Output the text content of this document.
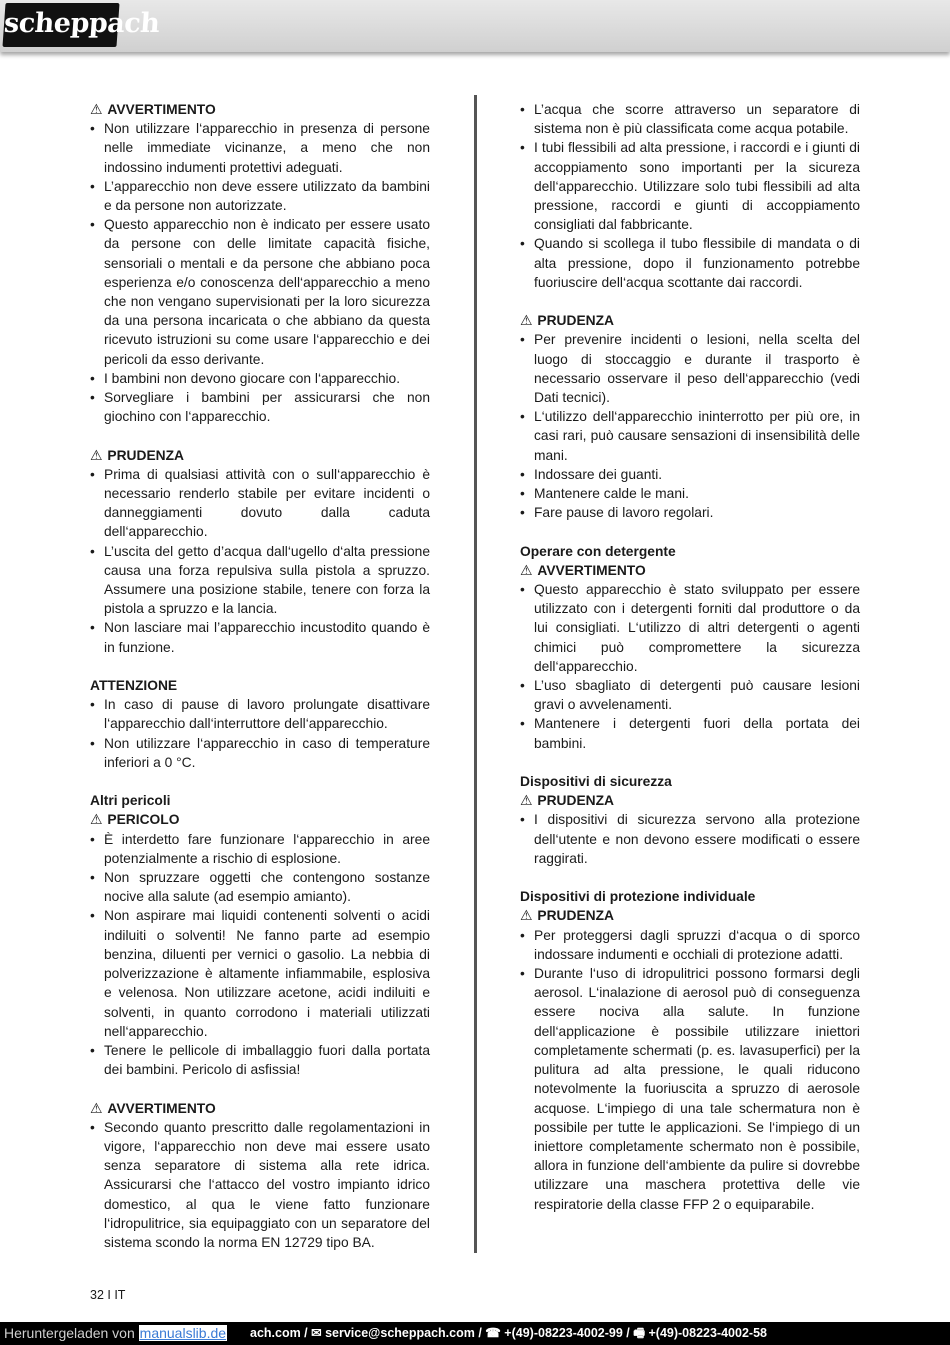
scheppach
⚠ AVVERTIMENTO
• Non utilizzare l‘apparecchio in presenza di persone nelle immediate vicinanze, a meno che non indossino indumenti protettivi adeguati.
• L’apparecchio non deve essere utilizzato da bambini e da persone non autorizzate.
• Questo apparecchio non è indicato per essere usato da persone con delle limitate capacità fisiche, sensoriali o mentali e da persone che abbiano poca esperienza e/o conoscenza dell‘apparecchio a meno che non vengano supervisionati per la loro sicurezza da una persona incaricata o che abbiano da questa ricevuto istruzioni su come usare l‘apparecchio e dei pericoli da esso derivante.
• I bambini non devono giocare con l‘apparecchio.
• Sorvegliare i bambini per assicurarsi che non giochino con l‘apparecchio.
⚠ PRUDENZA
• Prima di qualsiasi attività con o sull‘apparecchio è necessario renderlo stabile per evitare incidenti o danneggiamenti dovuto dalla caduta dell‘apparecchio.
• L’uscita del getto d’acqua dall‘ugello d‘alta pressione causa una forza repulsiva sulla pistola a spruzzo. Assumere una posizione stabile, tenere con forza la pistola a spruzzo e la lancia.
• Non lasciare mai l’apparecchio incustodito quando è in funzione.
ATTENZIONE
• In caso di pause di lavoro prolungate disattivare l‘apparecchio dall‘interruttore dell‘apparecchio.
• Non utilizzare l‘apparecchio in caso di temperature inferiori a 0 °C.
Altri pericoli
⚠ PERICOLO
• È interdetto fare funzionare l‘apparecchio in aree potenzialmente a rischio di esplosione.
• Non spruzzare oggetti che contengono sostanze nocive alla salute (ad esempio amianto).
• Non aspirare mai liquidi contenenti solventi o acidi indiluiti o solventi! Ne fanno parte ad esempio benzina, diluenti per vernici o gasolio. La nebbia di polverizzazione è altamente infiammabile, esplosiva e velenosa. Non utilizzare acetone, acidi indiluiti e solventi, in quanto corrodono i materiali utilizzati nell‘apparecchio.
• Tenere le pellicole di imballaggio fuori dalla portata dei bambini. Pericolo di asfissia!
⚠ AVVERTIMENTO
• Secondo quanto prescritto dalle regolamentazioni in vigore, l‘apparecchio non deve mai essere usato senza separatore di sistema alla rete idrica. Assicurarsi che l‘attacco del vostro impianto idrico domestico, al qua le viene fatto funzionare l‘idropulitrice, sia equipaggiato con un separatore del sistema scondo la norma EN 12729 tipo BA.
• L’acqua che scorre attraverso un separatore di sistema non è più classificata come acqua potabile.
• I tubi flessibili ad alta pressione, i raccordi e i giunti di accoppiamento sono importanti per la sicureza dell‘apparecchio. Utilizzare solo tubi flessibili ad alta pressione, raccordi e giunti di accoppiamento consigliati dal fabbricante.
• Quando si scollega il tubo flessibile di mandata o di alta pressione, dopo il funzionamento potrebbe fuoriuscire dell‘acqua scottante dai raccordi.
⚠ PRUDENZA
• Per prevenire incidenti o lesioni, nella scelta del luogo di stoccaggio e durante il trasporto è necessario osservare il peso dell‘apparecchio (vedi Dati tecnici).
• L‘utilizzo dell‘apparecchio ininterrotto per più ore, in casi rari, può causare sensazioni di insensibilità delle mani.
• Indossare dei guanti.
• Mantenere calde le mani.
• Fare pause di lavoro regolari.
Operare con detergente
⚠ AVVERTIMENTO
• Questo apparecchio è stato sviluppato per essere utilizzato con i detergenti forniti dal produttore o da lui consigliati. L‘utilizzo di altri detergenti o agenti chimici può compromettere la sicurezza dell‘apparecchio.
• L’uso sbagliato di detergenti può causare lesioni gravi o avvelenamenti.
• Mantenere i detergenti fuori della portata dei bambini.
Dispositivi di sicurezza
⚠ PRUDENZA
• I dispositivi di sicurezza servono alla protezione dell‘utente e non devono essere modificati o essere raggirati.
Dispositivi di protezione individuale
⚠ PRUDENZA
• Per proteggersi dagli spruzzi d‘acqua o di sporco indossare indumenti e occhiali di protezione adatti.
• Durante l‘uso di idropulitrici possono formarsi degli aerosol. L‘inalazione di aerosol può di conseguenza essere nociva alla salute. In funzione dell‘applicazione è possibile utilizzare iniettori completamente schermati (p. es. lavasuperfici) per la pulitura ad alta pressione, le quali riducono notevolmente la fuoriuscita a spruzzo di aerosole acquose. L‘impiego di una tale schermatura non è possibile per tutte le applicazioni. Se l‘impiego di un iniettore completamente schermato non è possibile, allora in funzione dell‘ambiente da pulire si dovrebbe utilizzare una maschera protettiva delle vie respiratorie della classe FFP 2 o equiparabile.
32 I IT
ach.com / ✉ service@scheppach.com / ☎ +(49)-08223-4002-99 / 🖷 +(49)-08223-4002-58
Heruntergeladen von manualslib.de
